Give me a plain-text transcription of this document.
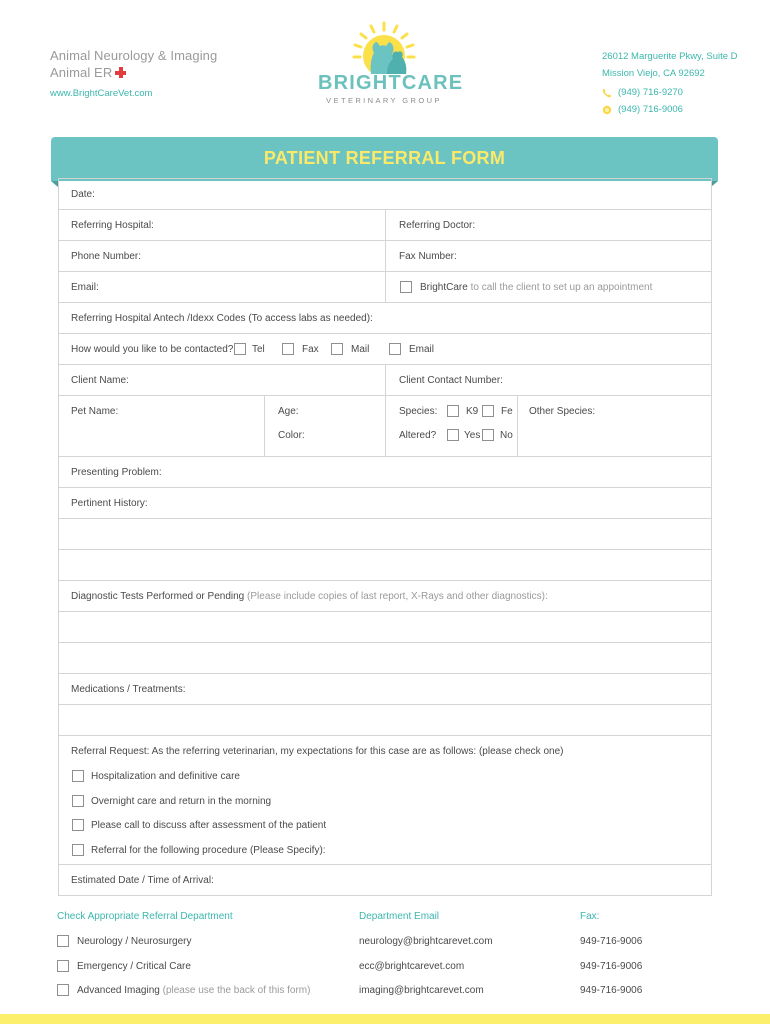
Animal Neurology & Imaging
Animal ER
www.BrightCareVet.com	BRIGHTCARE
VETERINARY GROUP
26012 Marguerite Pkwy, Suite D
Mission Viejo, CA 92692
(949) 716-9270
(949) 716-9006
PATIENT REFERRAL FORM
Date:
Referring Hospital:	Referring Doctor:
Phone Number:	Fax Number:
Email:	BrightCare to call the client to set up an appointment
Referring Hospital Antech /Idexx Codes (To access labs as needed):
How would you like to be contacted? Tel	Fax	Mail	Email
Client Name:	Client Contact Number:
Pet Name:	Age:
Color:
Species:	K9 Fe
Altered?	Yes No
Other Species:
Presenting Problem:
Pertinent History:
Diagnostic Tests Performed or Pending (Please include copies of last report, X-Rays and other diagnostics):
Medications / Treatments:
Referral Request: As the referring veterinarian, my expectations for this case are as follows: (please check one)
Hospitalization and definitive care
Overnight care and return in the morning
Please call to discuss after assessment of the patient
Referral for the following procedure (Please Specify):
Estimated Date / Time of Arrival:
Check Appropriate Referral Department	Department Email	Fax:
Neurology / Neurosurgery	neurology@brightcarevet.com	949-716-9006
Emergency / Critical Care	ecc@brightcarevet.com	949-716-9006
Advanced Imaging (please use the back of this form)	imaging@brightcarevet.com	949-716-9006
